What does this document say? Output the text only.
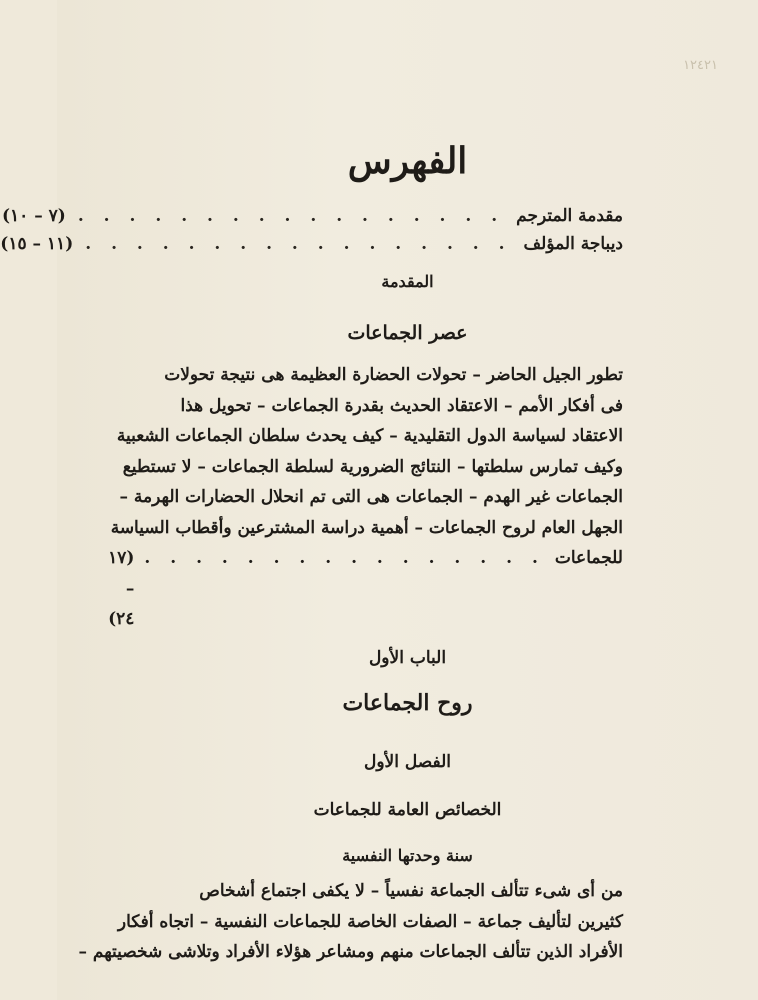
١٢٤٢١
الفهرس
مقدمة المترجم
. . . . . . . . . . . . . . . . .
(٧ – ١٠)
ديباجة المؤلف
. . . . . . . . . . . . . . . . .
(١١ – ١٥)
المقدمة
عصر الجماعات
تطور الجيل الحاضر – تحولات الحضارة العظيمة هى نتيجة تحولات
فى أفكار الأمم – الاعتقاد الحديث بقدرة الجماعات – تحويل هذا
الاعتقاد لسياسة الدول التقليدية – كيف يحدث سلطان الجماعات الشعبية
وكيف تمارس سلطتها – النتائج الضرورية لسلطة الجماعات – لا تستطيع
الجماعات غير الهدم – الجماعات هى التى تم انحلال الحضارات الهرمة –
الجهل العام لروح الجماعات – أهمية دراسة المشترعين وأقطاب السياسة
للجماعات
. . . . . . . . . . . . . . . .
(١٧ – ٢٤)
الباب الأول
روح الجماعات
الفصل الأول
الخصائص العامة للجماعات
سنة وحدتها النفسية
من أى شىء تتألف الجماعة نفسياً – لا يكفى اجتماع أشخاص
كثيرين لتأليف جماعة – الصفات الخاصة للجماعات النفسية – اتجاه أفكار
الأفراد الذين تتألف الجماعات منهم ومشاعر هؤلاء الأفراد وتلاشى شخصيتهم –
